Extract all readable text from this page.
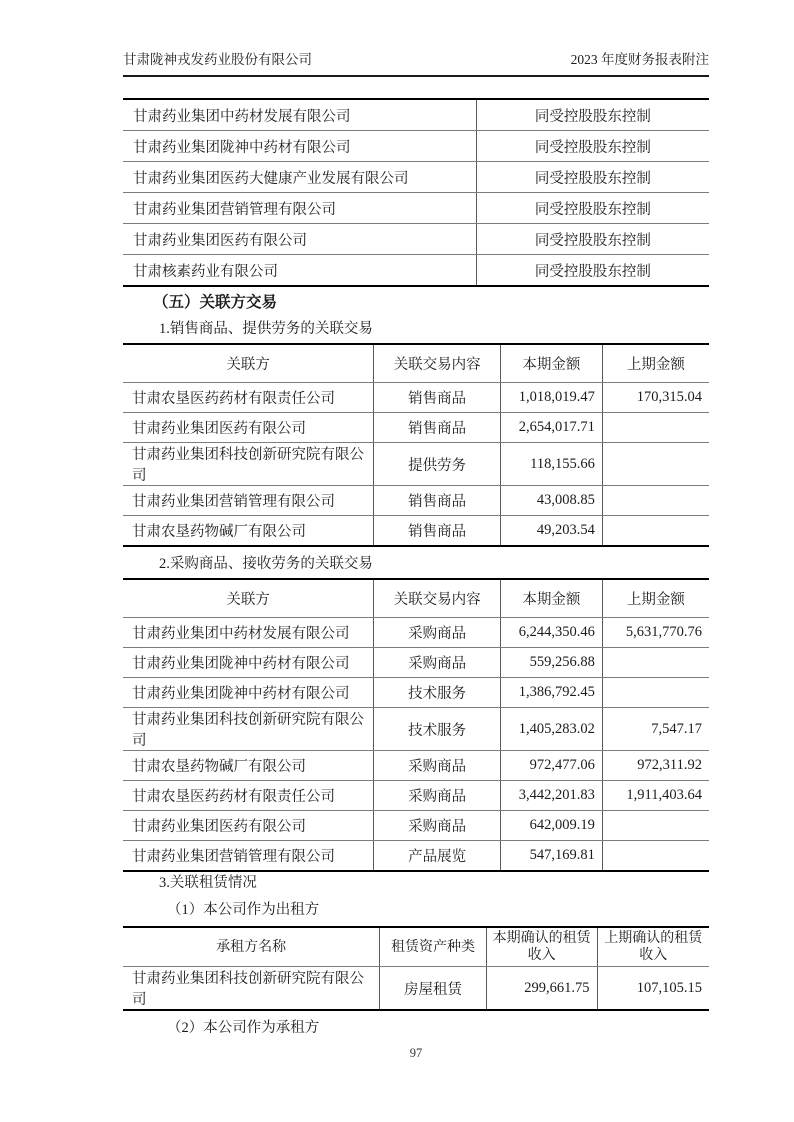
甘肃陇神戎发药业股份有限公司	2023 年度财务报表附注
甘肃药业集团中药材发展有限公司	同受控股股东控制
甘肃药业集团陇神中药材有限公司	同受控股股东控制
甘肃药业集团医药大健康产业发展有限公司	同受控股股东控制
甘肃药业集团营销管理有限公司	同受控股股东控制
甘肃药业集团医药有限公司	同受控股股东控制
甘肃核素药业有限公司	同受控股股东控制

（五）关联方交易

1.销售商品、提供劳务的关联交易

关联方	关联交易内容	本期金额	上期金额
甘肃农垦医药药材有限责任公司	销售商品	1,018,019.47	170,315.04
甘肃药业集团医药有限公司	销售商品	2,654,017.71	
甘肃药业集团科技创新研究院有限公司	提供劳务	118,155.66	
甘肃药业集团营销管理有限公司	销售商品	43,008.85	
甘肃农垦药物碱厂有限公司	销售商品	49,203.54	

2.采购商品、接收劳务的关联交易

关联方	关联交易内容	本期金额	上期金额
甘肃药业集团中药材发展有限公司	采购商品	6,244,350.46	5,631,770.76
甘肃药业集团陇神中药材有限公司	采购商品	559,256.88	
甘肃药业集团陇神中药材有限公司	技术服务	1,386,792.45	
甘肃药业集团科技创新研究院有限公司	技术服务	1,405,283.02	7,547.17
甘肃农垦药物碱厂有限公司	采购商品	972,477.06	972,311.92
甘肃农垦医药药材有限责任公司	采购商品	3,442,201.83	1,911,403.64
甘肃药业集团医药有限公司	采购商品	642,009.19	
甘肃药业集团营销管理有限公司	产品展览	547,169.81	

3.关联租赁情况

（1）本公司作为出租方

承租方名称	租赁资产种类	本期确认的租赁收入	上期确认的租赁收入
甘肃药业集团科技创新研究院有限公司	房屋租赁	299,661.75	107,105.15

（2）本公司作为承租方

97
